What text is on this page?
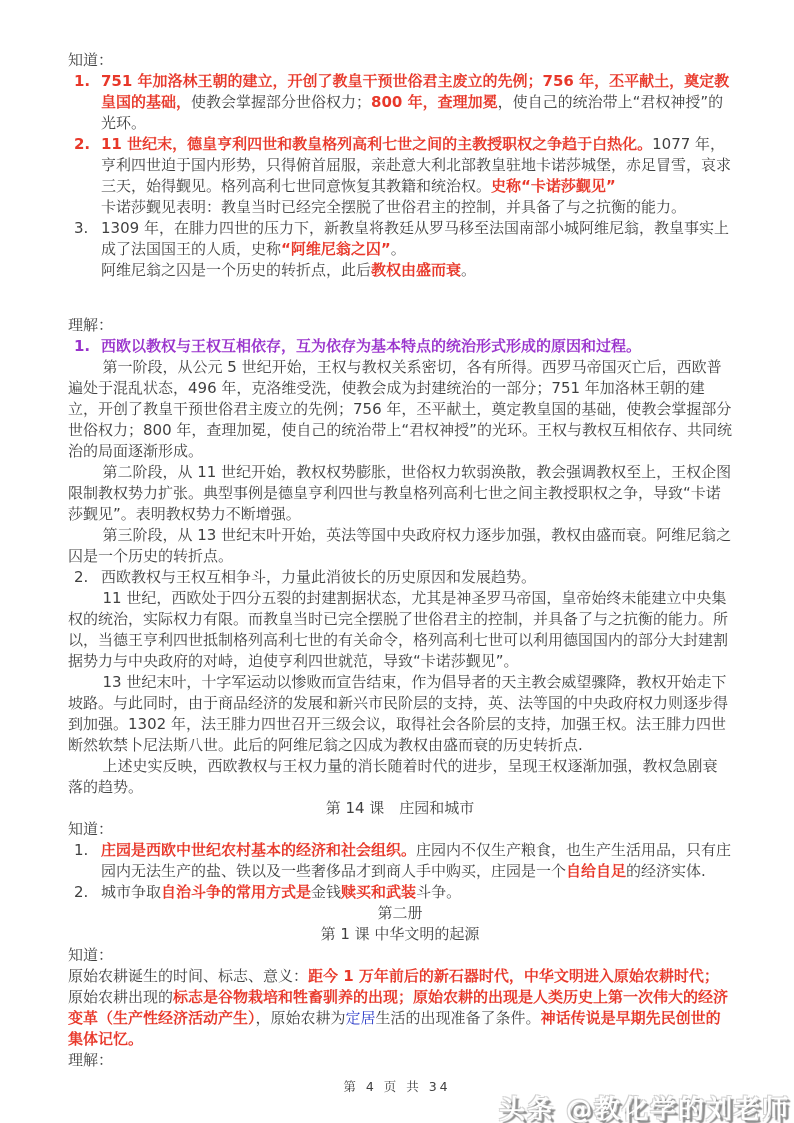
知道：
1. 751 年加洛林王朝的建立，开创了教皇干预世俗君主废立的先例；756 年，丕平献土，奠定教皇国的基础，使教会掌握部分世俗权力；800 年，查理加冕，使自己的统治带上“君权神授”的光环。
2. 11 世纪末，德皇亨利四世和教皇格列高利七世之间的主教授职权之争趋于白热化。1077 年，亨利四世迫于国内形势，只得俯首屈服，亲赴意大利北部教皇驻地卡诺莎城堡，赤足冒雪，哀求三天，始得觐见。格列高利七世同意恢复其教籍和统治权。史称“卡诺莎觐见”
卡诺莎觐见表明：教皇当时已经完全摆脱了世俗君主的控制，并具备了与之抗衡的能力。
3. 1309 年，在腓力四世的压力下，新教皇将教廷从罗马移至法国南部小城阿维尼翁，教皇事实上成了法国国王的人质，史称“阿维尼翁之囚”。
阿维尼翁之囚是一个历史的转折点，此后教权由盛而衰。
理解：
1. 西欧以教权与王权互相依存，互为依存为基本特点的统治形式形成的原因和过程。
第一阶段，从公元 5 世纪开始，王权与教权关系密切，各有所得。西罗马帝国灭亡后，西欧普遍处于混乱状态，496 年，克洛维受洗，使教会成为封建统治的一部分；751 年加洛林王朝的建立，开创了教皇干预世俗君主废立的先例；756 年，丕平献土，奠定教皇国的基础，使教会掌握部分世俗权力；800 年，查理加冕，使自己的统治带上“君权神授”的光环。王权与教权互相依存、共同统治的局面逐渐形成。
第二阶段，从 11 世纪开始，教权权势膨胀，世俗权力软弱涣散，教会强调教权至上，王权企图限制教权势力扩张。典型事例是德皇亨利四世与教皇格列高利七世之间主教授职权之争，导致“卡诺莎觐见”。表明教权势力不断增强。
第三阶段，从 13 世纪末叶开始，英法等国中央政府权力逐步加强，教权由盛而衰。阿维尼翁之囚是一个历史的转折点。
2. 西欧教权与王权互相争斗，力量此消彼长的历史原因和发展趋势。
11 世纪，西欧处于四分五裂的封建割据状态，尤其是神圣罗马帝国，皇帝始终未能建立中央集权的统治，实际权力有限。而教皇当时已完全摆脱了世俗君主的控制，并具备了与之抗衡的能力。所以，当德王亨利四世抵制格列高利七世的有关命令，格列高利七世可以利用德国国内的部分大封建割据势力与中央政府的对峙，迫使亨利四世就范，导致“卡诺莎觐见”。
13 世纪末叶，十字军运动以惨败而宣告结束，作为倡导者的天主教会威望骤降，教权开始走下坡路。与此同时，由于商品经济的发展和新兴市民阶层的支持，英、法等国的中央政府权力则逐步得到加强。1302 年，法王腓力四世召开三级会议，取得社会各阶层的支持，加强王权。法王腓力四世断然软禁卜尼法斯八世。此后的阿维尼翁之囚成为教权由盛而衰的历史转折点.
上述史实反映，西欧教权与王权力量的消长随着时代的进步，呈现王权逐渐加强，教权急剧衰落的趋势。
第 14 课　庄园和城市
知道：
1. 庄园是西欧中世纪农村基本的经济和社会组织。庄园内不仅生产粮食，也生产生活用品，只有庄园内无法生产的盐、铁以及一些奢侈品才到商人手中购买，庄园是一个自给自足的经济实体.
2. 城市争取自治斗争的常用方式是金钱赎买和武装斗争。
第二册
第 1 课 中华文明的起源
知道：
原始农耕诞生的时间、标志、意义：距今 1 万年前后的新石器时代，中华文明进入原始农耕时代；原始农耕出现的标志是谷物栽培和牲畜驯养的出现；原始农耕的出现是人类历史上第一次伟大的经济变革（生产性经济活动产生），原始农耕为定居生活的出现准备了条件。神话传说是早期先民创世的集体记忆。
理解：
第 4 页 共 34
头条 @教化学的刘老师
